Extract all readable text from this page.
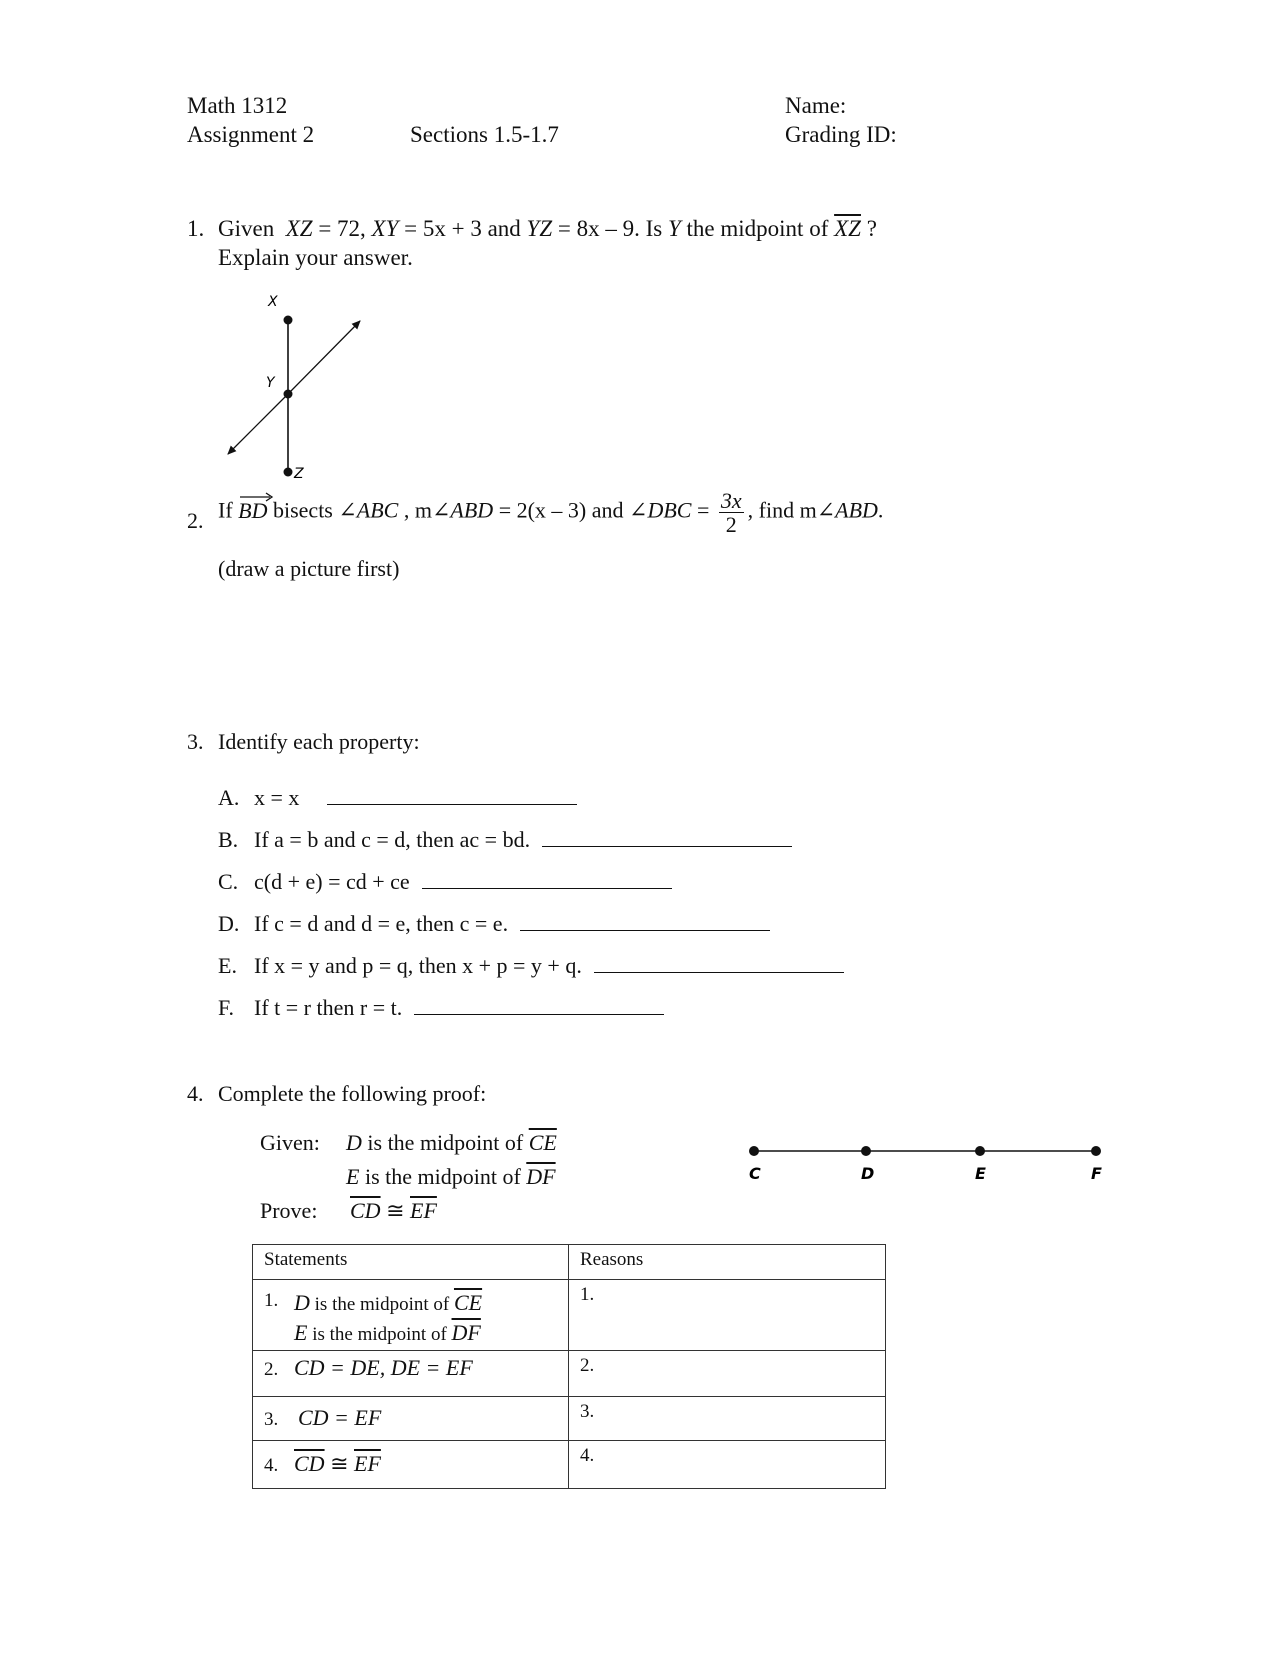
Math 1312
Assignment 2	Sections 1.5-1.7
Name:
Grading ID:
1. Given XZ = 72, XY = 5x + 3 and YZ = 8x – 9. Is Y the midpoint of $\overline{XZ}$ ?
Explain your answer.
X
Y
Z
2. If
BD bisects ∠ABC , m∠ABD = 2(x – 3) and ∠DBC = $\frac{3x}{2}$ , find m∠ABD.
(draw a picture first)
3. Identify each property:
A. x = x
B. If a = b and c = d, then ac = bd.
C. c(d + e) = cd + ce
D. If c = d and d = e, then c = e.
E. If x = y and p = q, then x + p = y + q.
F. If t = r then r = t.
4. Complete the following proof:
Given: D is the midpoint of $\overline{CE}$
E is the midpoint of $\overline{DF}$
Prove: $\overline{CD}$ ≅ $\overline{EF}$
C	D	E	F
Statements	Reasons

1. D is the midpoint of $\overline{CE}$
E is the midpoint of $\overline{DF}$	1.
2. CD = DE, DE = EF	2.
3. CD = EF	3.
4. $\overline{CD}$ ≅ $\overline{EF}$	4.
